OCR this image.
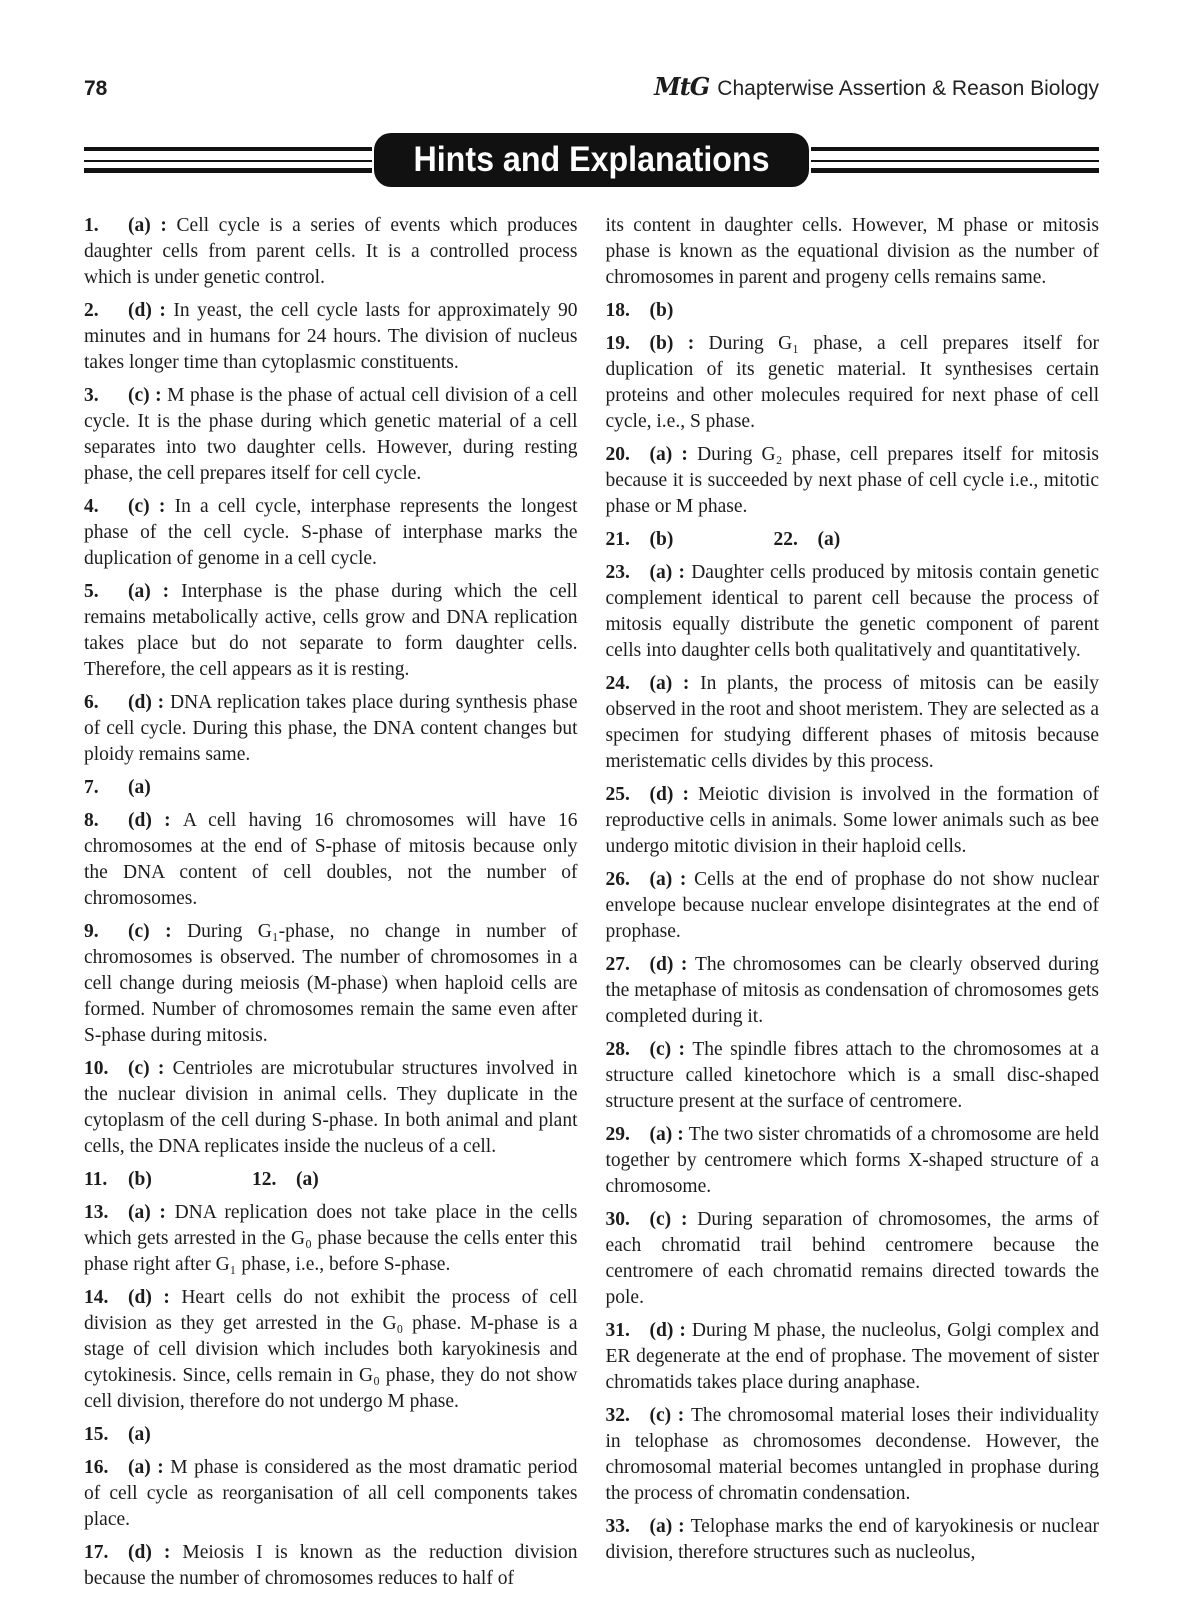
78	MtG Chapterwise Assertion & Reason Biology
Hints and Explanations

1. (a) : Cell cycle is a series of events which produces daughter cells from parent cells. It is a controlled process which is under genetic control.

2. (d) : In yeast, the cell cycle lasts for approximately 90 minutes and in humans for 24 hours. The division of nucleus takes longer time than cytoplasmic constituents.

3. (c) : M phase is the phase of actual cell division of a cell cycle. It is the phase during which genetic material of a cell separates into two daughter cells. However, during resting phase, the cell prepares itself for cell cycle.

4. (c) : In a cell cycle, interphase represents the longest phase of the cell cycle. S-phase of interphase marks the duplication of genome in a cell cycle.

5. (a) : Interphase is the phase during which the cell remains metabolically active, cells grow and DNA replication takes place but do not separate to form daughter cells. Therefore, the cell appears as it is resting.

6. (d) : DNA replication takes place during synthesis phase of cell cycle. During this phase, the DNA content changes but ploidy remains same.

7. (a)

8. (d) : A cell having 16 chromosomes will have 16 chromosomes at the end of S-phase of mitosis because only the DNA content of cell doubles, not the number of chromosomes.

9. (c) : During G₁-phase, no change in number of chromosomes is observed. The number of chromosomes in a cell change during meiosis (M-phase) when haploid cells are formed. Number of chromosomes remain the same even after S-phase during mitosis.

10. (c) : Centrioles are microtubular structures involved in the nuclear division in animal cells. They duplicate in the cytoplasm of the cell during S-phase. In both animal and plant cells, the DNA replicates inside the nucleus of a cell.

11. (b)	12. (a)

13. (a) : DNA replication does not take place in the cells which gets arrested in the G₀ phase because the cells enter this phase right after G₁ phase, i.e., before S-phase.

14. (d) : Heart cells do not exhibit the process of cell division as they get arrested in the G₀ phase. M-phase is a stage of cell division which includes both karyokinesis and cytokinesis. Since, cells remain in G₀ phase, they do not show cell division, therefore do not undergo M phase.

15. (a)

16. (a) : M phase is considered as the most dramatic period of cell cycle as reorganisation of all cell components takes place.

17. (d) : Meiosis I is known as the reduction division because the number of chromosomes reduces to half of

its content in daughter cells. However, M phase or mitosis phase is known as the equational division as the number of chromosomes in parent and progeny cells remains same.

18. (b)

19. (b) : During G₁ phase, a cell prepares itself for duplication of its genetic material. It synthesises certain proteins and other molecules required for next phase of cell cycle, i.e., S phase.

20. (a) : During G₂ phase, cell prepares itself for mitosis because it is succeeded by next phase of cell cycle i.e., mitotic phase or M phase.

21. (b)	22. (a)

23. (a) : Daughter cells produced by mitosis contain genetic complement identical to parent cell because the process of mitosis equally distribute the genetic component of parent cells into daughter cells both qualitatively and quantitatively.

24. (a) : In plants, the process of mitosis can be easily observed in the root and shoot meristem. They are selected as a specimen for studying different phases of mitosis because meristematic cells divides by this process.

25. (d) : Meiotic division is involved in the formation of reproductive cells in animals. Some lower animals such as bee undergo mitotic division in their haploid cells.

26. (a) : Cells at the end of prophase do not show nuclear envelope because nuclear envelope disintegrates at the end of prophase.

27. (d) : The chromosomes can be clearly observed during the metaphase of mitosis as condensation of chromosomes gets completed during it.

28. (c) : The spindle fibres attach to the chromosomes at a structure called kinetochore which is a small disc-shaped structure present at the surface of centromere.

29. (a) : The two sister chromatids of a chromosome are held together by centromere which forms X-shaped structure of a chromosome.

30. (c) : During separation of chromosomes, the arms of each chromatid trail behind centromere because the centromere of each chromatid remains directed towards the pole.

31. (d) : During M phase, the nucleolus, Golgi complex and ER degenerate at the end of prophase. The movement of sister chromatids takes place during anaphase.

32. (c) : The chromosomal material loses their individuality in telophase as chromosomes decondense. However, the chromosomal material becomes untangled in prophase during the process of chromatin condensation.

33. (a) : Telophase marks the end of karyokinesis or nuclear division, therefore structures such as nucleolus,
